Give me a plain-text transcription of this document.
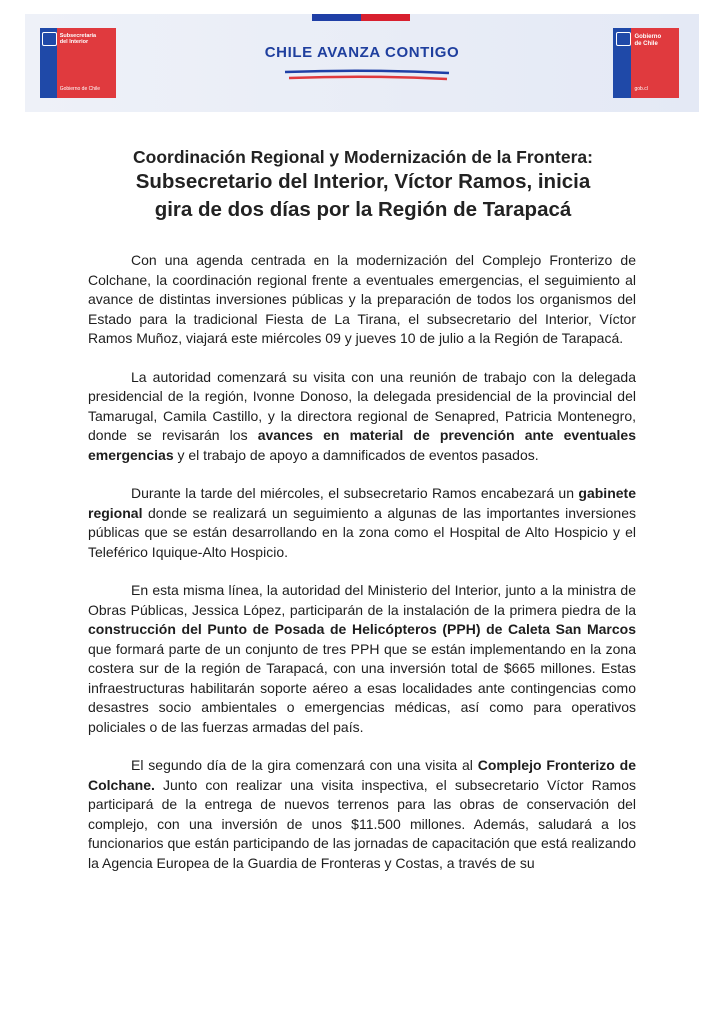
Subsecretaría
del Interior
Gobierno de Chile
CHILE AVANZA CONTIGO
Gobierno
de Chile
gob.cl
Coordinación Regional y Modernización de la Frontera:
Subsecretario del Interior, Víctor Ramos, inicia
gira de dos días por la Región de Tarapacá

Con una agenda centrada en la modernización del Complejo Fronterizo de Colchane, la coordinación regional frente a eventuales emergencias, el seguimiento al avance de distintas inversiones públicas y la preparación de todos los organismos del Estado para la tradicional Fiesta de La Tirana, el subsecretario del Interior, Víctor Ramos Muñoz, viajará este miércoles 09 y jueves 10 de julio a la Región de Tarapacá.

La autoridad comenzará su visita con una reunión de trabajo con la delegada presidencial de la región, Ivonne Donoso, la delegada presidencial de la provincial del Tamarugal, Camila Castillo, y la directora regional de Senapred, Patricia Montenegro, donde se revisarán los avances en material de prevención ante eventuales emergencias y el trabajo de apoyo a damnificados de eventos pasados.

Durante la tarde del miércoles, el subsecretario Ramos encabezará un gabinete regional donde se realizará un seguimiento a algunas de las importantes inversiones públicas que se están desarrollando en la zona como el Hospital de Alto Hospicio y el Teleférico Iquique-Alto Hospicio.

En esta misma línea, la autoridad del Ministerio del Interior, junto a la ministra de Obras Públicas, Jessica López, participarán de la instalación de la primera piedra de la construcción del Punto de Posada de Helicópteros (PPH) de Caleta San Marcos que formará parte de un conjunto de tres PPH que se están implementando en la zona costera sur de la región de Tarapacá, con una inversión total de $665 millones. Estas infraestructuras habilitarán soporte aéreo a esas localidades ante contingencias como desastres socio ambientales o emergencias médicas, así como para operativos policiales o de las fuerzas armadas del país.

El segundo día de la gira comenzará con una visita al Complejo Fronterizo de Colchane. Junto con realizar una visita inspectiva, el subsecretario Víctor Ramos participará de la entrega de nuevos terrenos para las obras de conservación del complejo, con una inversión de unos $11.500 millones. Además, saludará a los funcionarios que están participando de las jornadas de capacitación que está realizando la Agencia Europea de la Guardia de Fronteras y Costas, a través de su
